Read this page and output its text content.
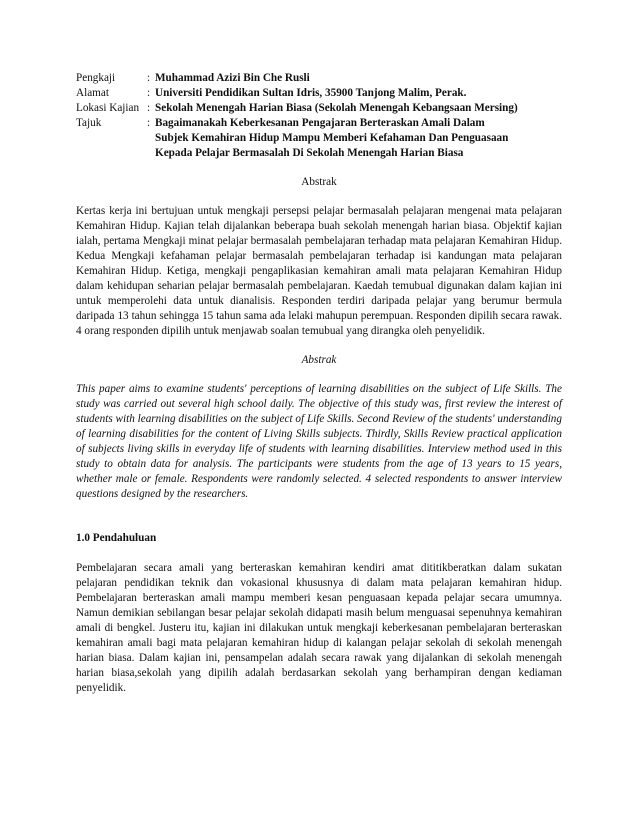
Pengkaji	: Muhammad Azizi Bin Che Rusli
Alamat	: Universiti Pendidikan Sultan Idris, 35900 Tanjong Malim, Perak.
Lokasi Kajian : Sekolah Menengah Harian Biasa (Sekolah Menengah Kebangsaan Mersing)
Tajuk	: Bagaimanakah Keberkesanan Pengajaran Berteraskan Amali Dalam
Subjek Kemahiran Hidup Mampu Memberi Kefahaman Dan Penguasaan
Kepada Pelajar Bermasalah Di Sekolah Menengah Harian Biasa
Abstrak

Kertas kerja ini bertujuan untuk mengkaji persepsi pelajar bermasalah pelajaran mengenai mata pelajaran Kemahiran Hidup. Kajian telah dijalankan beberapa buah sekolah menengah harian biasa. Objektif kajian ialah, pertama Mengkaji minat pelajar bermasalah pembelajaran terhadap mata pelajaran Kemahiran Hidup. Kedua Mengkaji kefahaman pelajar bermasalah pembelajaran terhadap isi kandungan mata pelajaran Kemahiran Hidup. Ketiga, mengkaji pengaplikasian kemahiran amali mata pelajaran Kemahiran Hidup dalam kehidupan seharian pelajar bermasalah pembelajaran. Kaedah temubual digunakan dalam kajian ini untuk memperolehi data untuk dianalisis. Responden terdiri daripada pelajar yang berumur bermula daripada 13 tahun sehingga 15 tahun sama ada lelaki mahupun perempuan. Responden dipilih secara rawak. 4 orang responden dipilih untuk menjawab soalan temubual yang dirangka oleh penyelidik.

Abstrak

This paper aims to examine students' perceptions of learning disabilities on the subject of Life Skills. The study was carried out several high school daily. The objective of this study was, first review the interest of students with learning disabilities on the subject of Life Skills. Second Review of the students' understanding of learning disabilities for the content of Living Skills subjects. Thirdly, Skills Review practical application of subjects living skills in everyday life of students with learning disabilities. Interview method used in this study to obtain data for analysis. The participants were students from the age of 13 years to 15 years, whether male or female. Respondents were randomly selected. 4 selected respondents to answer interview questions designed by the researchers.

1.0 Pendahuluan

Pembelajaran secara amali yang berteraskan kemahiran kendiri amat dititikberatkan dalam sukatan pelajaran pendidikan teknik dan vokasional khususnya di dalam mata pelajaran kemahiran hidup. Pembelajaran berteraskan amali mampu memberi kesan penguasaan kepada pelajar secara umumnya. Namun demikian sebilangan besar pelajar sekolah didapati masih belum menguasai sepenuhnya kemahiran amali di bengkel. Justeru itu, kajian ini dilakukan untuk mengkaji keberkesanan pembelajaran berteraskan kemahiran amali bagi mata pelajaran kemahiran hidup di kalangan pelajar sekolah di sekolah menengah harian biasa. Dalam kajian ini, pensampelan adalah secara rawak yang dijalankan di sekolah menengah harian biasa,sekolah yang dipilih adalah berdasarkan sekolah yang berhampiran dengan kediaman penyelidik.
